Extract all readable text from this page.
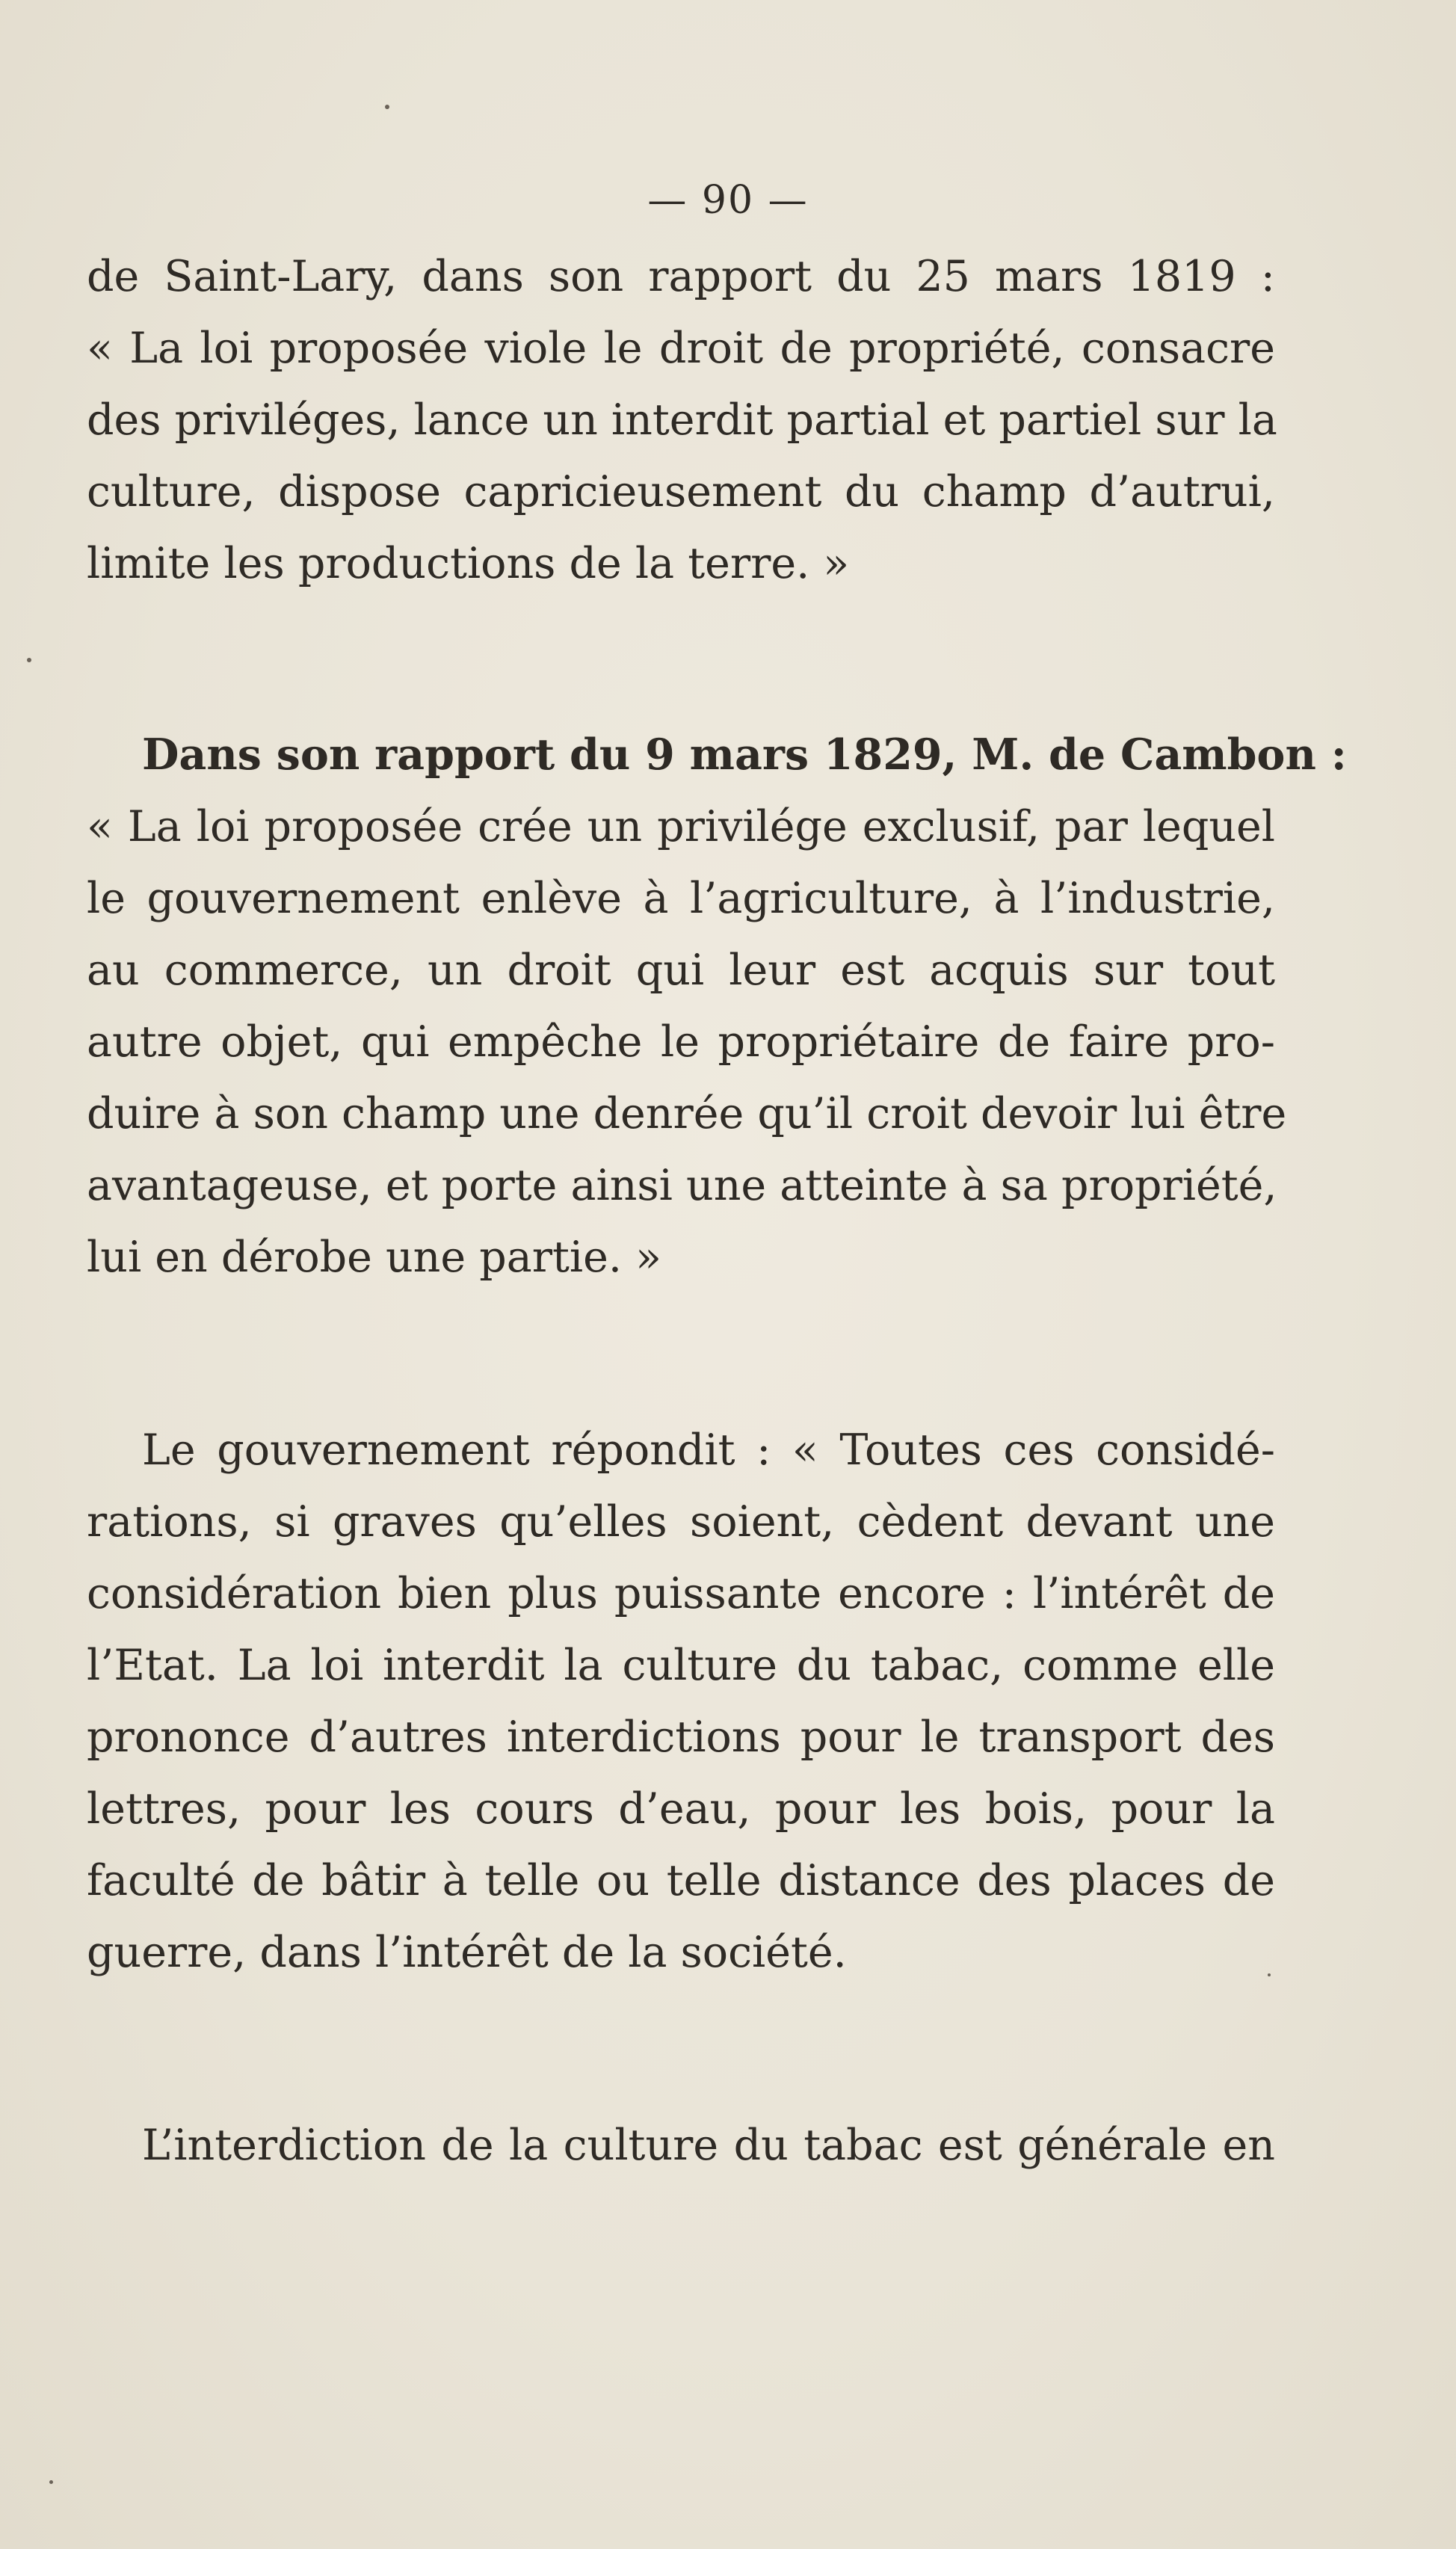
— 90 —
de Saint-Lary, dans son rapport du 25 mars 1819 :
« La loi proposée viole le droit de propriété, consacre
des priviléges, lance un interdit partial et partiel sur la
culture, dispose capricieusement du champ d’autrui,
limite les productions de la terre. »
Dans son rapport du 9 mars 1829, M. de Cambon :
« La loi proposée crée un privilége exclusif, par lequel
le gouvernement enlève à l’agriculture, à l’industrie,
au commerce, un droit qui leur est acquis sur tout
autre objet, qui empêche le propriétaire de faire pro-
duire à son champ une denrée qu’il croit devoir lui être
avantageuse, et porte ainsi une atteinte à sa propriété,
lui en dérobe une partie. »
Le gouvernement répondit : « Toutes ces considé-
rations, si graves qu’elles soient, cèdent devant une
considération bien plus puissante encore : l’intérêt de
l’Etat. La loi interdit la culture du tabac, comme elle
prononce d’autres interdictions pour le transport des
lettres, pour les cours d’eau, pour les bois, pour la
faculté de bâtir à telle ou telle distance des places de
guerre, dans l’intérêt de la société.
L’interdiction de la culture du tabac est générale en
